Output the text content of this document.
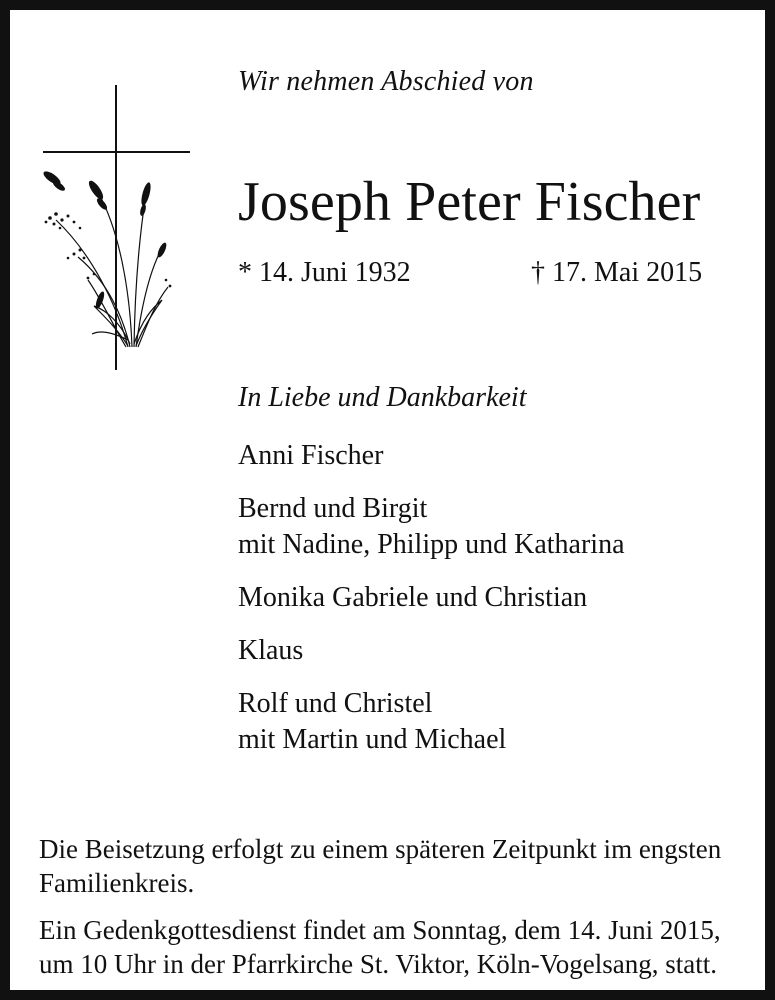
Wir nehmen Abschied von
Joseph Peter Fischer
* 14. Juni 1932	† 17. Mai 2015
In Liebe und Dankbarkeit
Anni Fischer
Bernd und Birgit
mit Nadine, Philipp und Katharina
Monika Gabriele und Christian
Klaus
Rolf und Christel
mit Martin und Michael

Die Beisetzung erfolgt zu einem späteren Zeitpunkt im engsten Familienkreis.

Ein Gedenkgottesdienst findet am Sonntag, dem 14. Juni 2015, um 10 Uhr in der Pfarrkirche St. Viktor, Köln-Vogelsang, statt.
